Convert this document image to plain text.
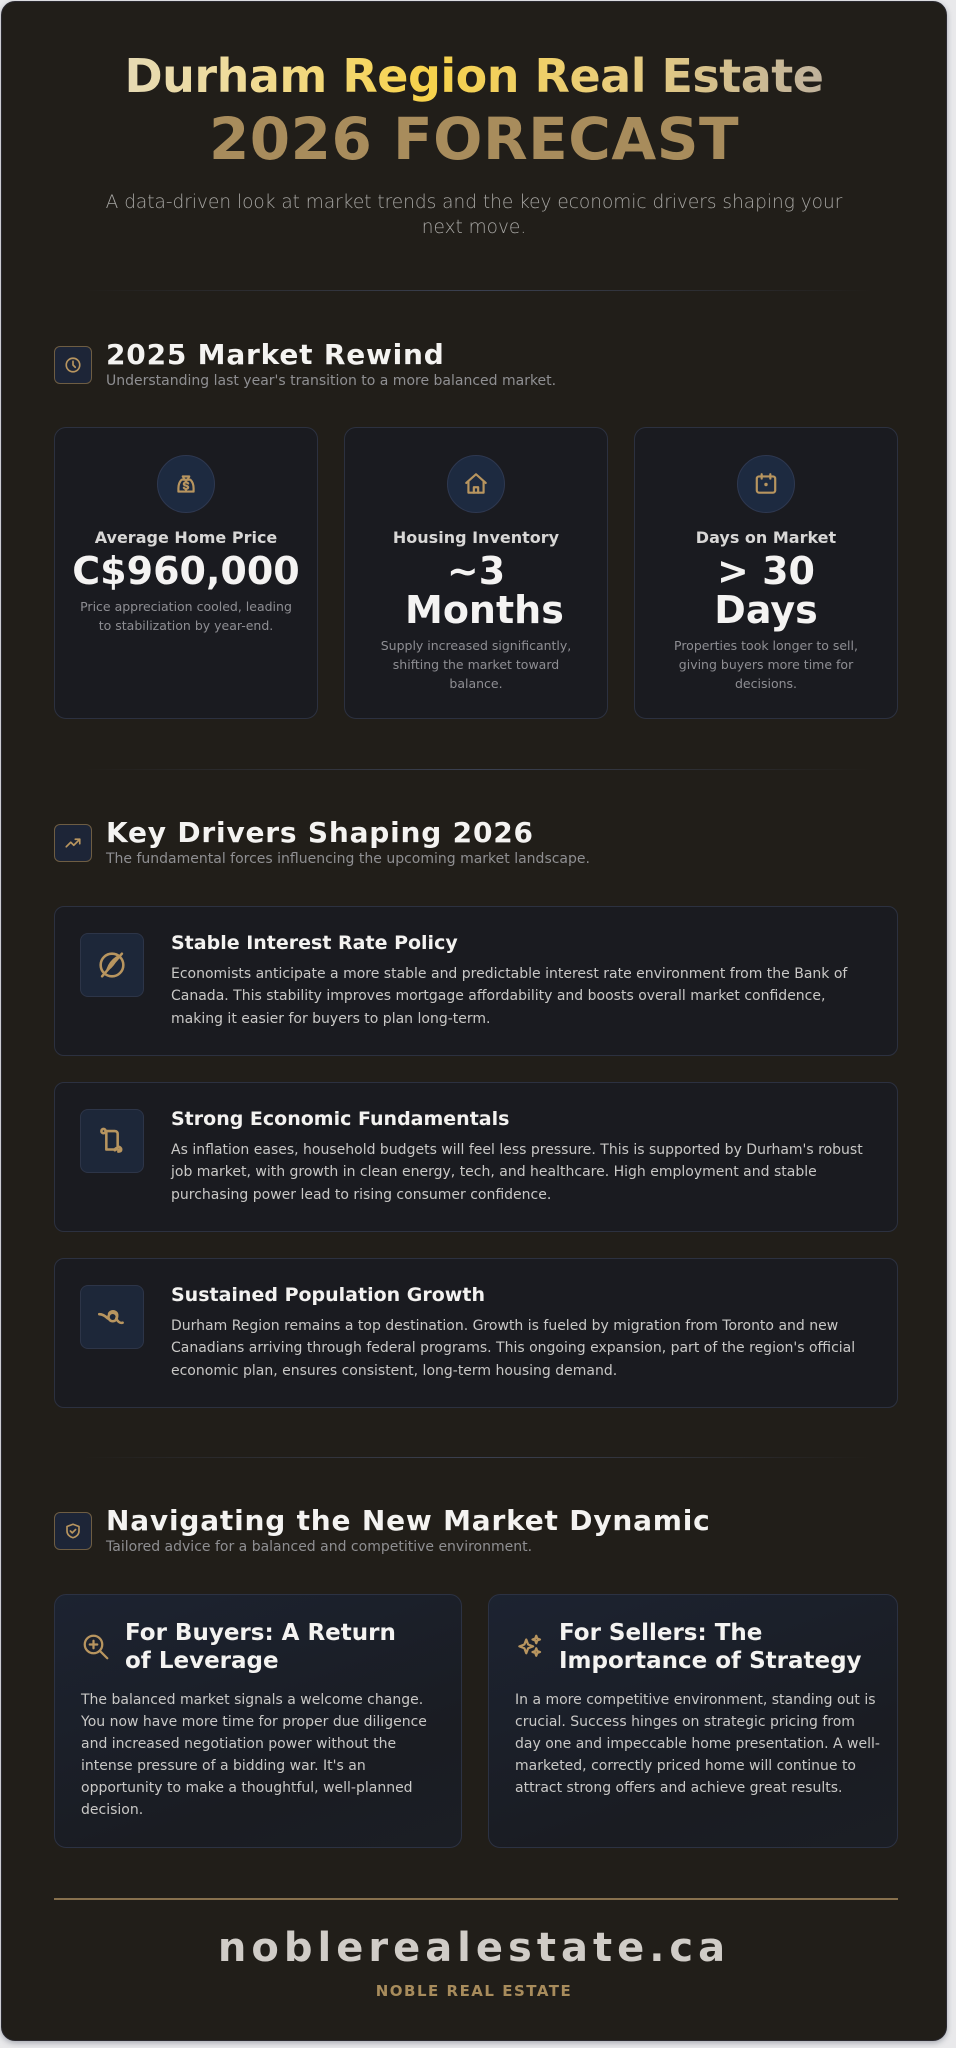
Durham Region Real Estate
2026 FORECAST
A data-driven look at market trends and the key economic drivers shaping your next move.
2025 Market Rewind
Understanding last year's transition to a more balanced market.
Average Home Price
C$960,000
Price appreciation cooled, leading to stabilization by year-end.
Housing Inventory
~3 Months
Supply increased significantly, shifting the market toward balance.
Days on Market
> 30 Days
Properties took longer to sell, giving buyers more time for decisions.
Key Drivers Shaping 2026
The fundamental forces influencing the upcoming market landscape.
Stable Interest Rate Policy
Economists anticipate a more stable and predictable interest rate environment from the Bank of Canada. This stability improves mortgage affordability and boosts overall market confidence, making it easier for buyers to plan long-term.
Strong Economic Fundamentals
As inflation eases, household budgets will feel less pressure. This is supported by Durham's robust job market, with growth in clean energy, tech, and healthcare. High employment and stable purchasing power lead to rising consumer confidence.
Sustained Population Growth
Durham Region remains a top destination. Growth is fueled by migration from Toronto and new Canadians arriving through federal programs. This ongoing expansion, part of the region's official economic plan, ensures consistent, long-term housing demand.
Navigating the New Market Dynamic
Tailored advice for a balanced and competitive environment.
For Buyers: A Return of Leverage
The balanced market signals a welcome change. You now have more time for proper due diligence and increased negotiation power without the intense pressure of a bidding war. It's an opportunity to make a thoughtful, well-planned decision.
For Sellers: The Importance of Strategy
In a more competitive environment, standing out is crucial. Success hinges on strategic pricing from day one and impeccable home presentation. A well-marketed, correctly priced home will continue to attract strong offers and achieve great results.
noblerealestate.ca
NOBLE REAL ESTATE
